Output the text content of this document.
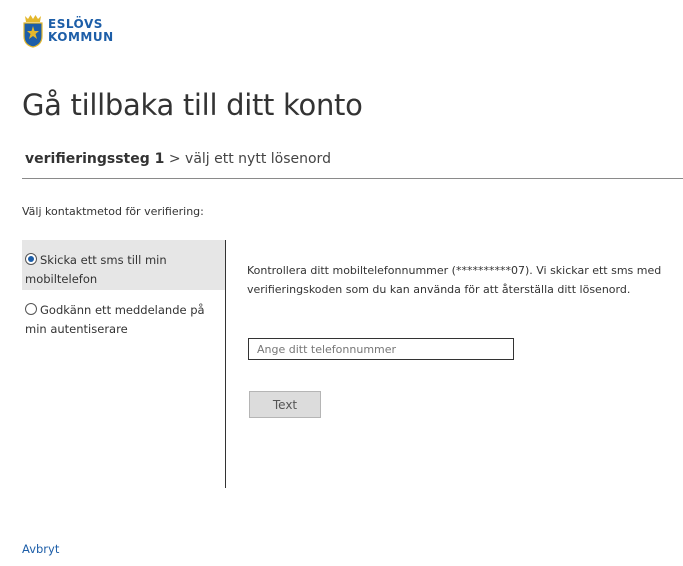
ESLÖVS
KOMMUN
Gå tillbaka till ditt konto
verifieringssteg 1 > välj ett nytt lösenord
Välj kontaktmetod för verifiering:
Skicka ett sms till min mobiltelefon
Godkänn ett meddelande på min autentiserare
Kontrollera ditt mobiltelefonnummer (**********07). Vi skickar ett sms med verifieringskoden som du kan använda för att återställa ditt lösenord.
Ange ditt telefonnummer
Text
Avbryt
